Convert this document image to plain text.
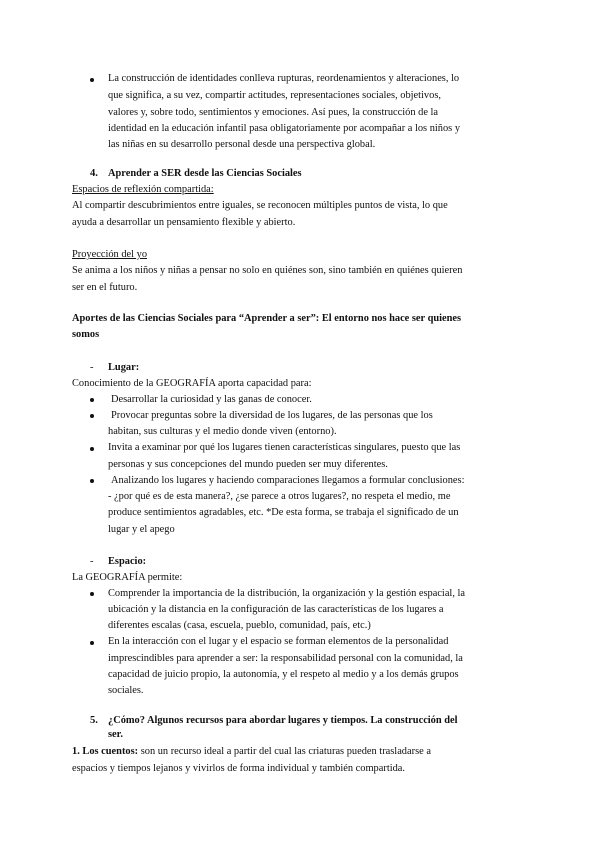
La construcción de identidades conlleva rupturas, reordenamientos y alteraciones, lo
que significa, a su vez, compartir actitudes, representaciones sociales, objetivos,
valores y, sobre todo, sentimientos y emociones. Así pues, la construcción de la
identidad en la educación infantil pasa obligatoriamente por acompañar a los niños y
las niñas en su desarrollo personal desde una perspectiva global.
4. Aprender a SER desde las Ciencias Sociales
Espacios de reflexión compartida:
Al compartir descubrimientos entre iguales, se reconocen múltiples puntos de vista, lo que
ayuda a desarrollar un pensamiento flexible y abierto.
Proyección del yo
Se anima a los niños y niñas a pensar no solo en quiénes son, sino también en quiénes quieren
ser en el futuro.
Aportes de las Ciencias Sociales para “Aprender a ser”: El entorno nos hace ser quienes
somos
- Lugar:
Conocimiento de la GEOGRAFÍA aporta capacidad para:
Desarrollar la curiosidad y las ganas de conocer.
Provocar preguntas sobre la diversidad de los lugares, de las personas que los
habitan, sus culturas y el medio donde viven (entorno).
Invita a examinar por qué los lugares tienen características singulares, puesto que las
personas y sus concepciones del mundo pueden ser muy diferentes.
Analizando los lugares y haciendo comparaciones llegamos a formular conclusiones:
- ¿por qué es de esta manera?, ¿se parece a otros lugares?, no respeta el medio, me
produce sentimientos agradables, etc. *De esta forma, se trabaja el significado de un
lugar y el apego
- Espacio:
La GEOGRAFÍA permite:
Comprender la importancia de la distribución, la organización y la gestión espacial, la
ubicación y la distancia en la configuración de las características de los lugares a
diferentes escalas (casa, escuela, pueblo, comunidad, país, etc.)
En la interacción con el lugar y el espacio se forman elementos de la personalidad
imprescindibles para aprender a ser: la responsabilidad personal con la comunidad, la
capacidad de juicio propio, la autonomía, y el respeto al medio y a los demás grupos
sociales.
5. ¿Cómo? Algunos recursos para abordar lugares y tiempos. La construcción del
ser.
1. Los cuentos: son un recurso ideal a partir del cual las criaturas pueden trasladarse a
espacios y tiempos lejanos y vivirlos de forma individual y también compartida.
